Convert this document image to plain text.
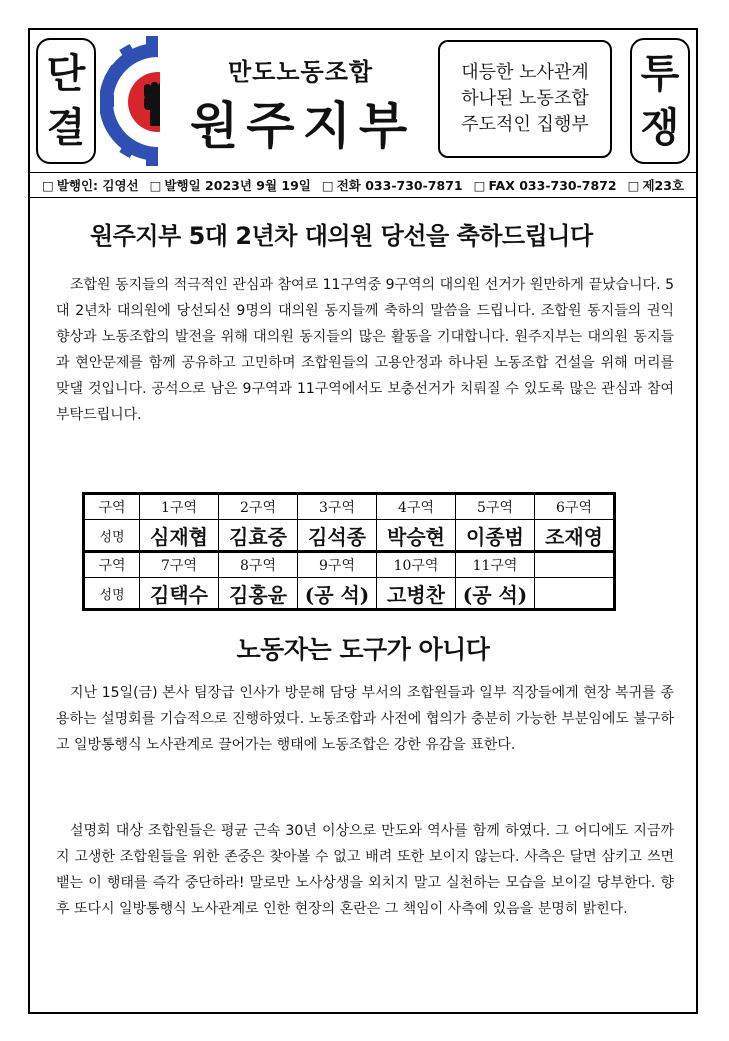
단
결
만도노동조합
원주지부
대등한 노사관계
하나된 노동조합
주도적인 집행부
투
쟁
□ 발행인: 김영선 □ 발행일 2023년 9월 19일 □ 전화 033-730-7871 □ FAX 033-730-7872 □ 제23호
원주지부 5대 2년차 대의원 당선을 축하드립니다

조합원 동지들의 적극적인 관심과 참여로 11구역중 9구역의 대의원 선거가 원만하게 끝났습니다. 5대 2년차 대의원에 당선되신 9명의 대의원 동지들께 축하의 말씀을 드립니다. 조합원 동지들의 권익 향상과 노동조합의 발전을 위해 대의원 동지들의 많은 활동을 기대합니다. 원주지부는 대의원 동지들과 현안문제를 함께 공유하고 고민하며 조합원들의 고용안정과 하나된 노동조합 건설을 위해 머리를 맞댈 것입니다. 공석으로 남은 9구역과 11구역에서도 보충선거가 치뤄질 수 있도록 많은 관심과 참여 부탁드립니다.

구역	1구역	2구역	3구역	4구역	5구역	6구역
성명	심재협	김효중	김석종	박승현	이종범	조재영
구역	7구역	8구역	9구역	10구역	11구역	
성명	김택수	김홍윤	(공 석)	고병찬	(공 석)	
노동자는 도구가 아니다

지난 15일(금) 본사 팀장급 인사가 방문해 담당 부서의 조합원들과 일부 직장들에게 현장 복귀를 종용하는 설명회를 기습적으로 진행하였다. 노동조합과 사전에 협의가 충분히 가능한 부분임에도 불구하고 일방통행식 노사관계로 끌어가는 행태에 노동조합은 강한 유감을 표한다.

설명회 대상 조합원들은 평균 근속 30년 이상으로 만도와 역사를 함께 하였다. 그 어디에도 지금까지 고생한 조합원들을 위한 존중은 찾아볼 수 없고 배려 또한 보이지 않는다. 사측은 달면 삼키고 쓰면 뱉는 이 행태를 즉각 중단하라! 말로만 노사상생을 외치지 말고 실천하는 모습을 보이길 당부한다. 향후 또다시 일방통행식 노사관계로 인한 현장의 혼란은 그 책임이 사측에 있음을 분명히 밝힌다.
